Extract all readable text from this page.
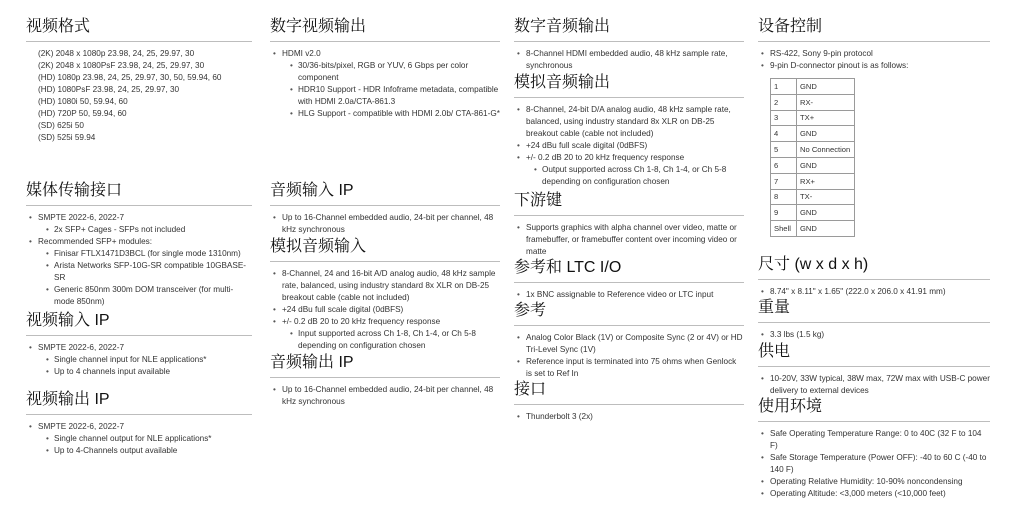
视频格式
(2K) 2048 x 1080p 23.98, 24, 25, 29.97, 30
(2K) 2048 x 1080PsF 23.98, 24, 25, 29.97, 30
(HD) 1080p 23.98, 24, 25, 29.97, 30, 50, 59.94, 60
(HD) 1080PsF 23.98, 24, 25, 29.97, 30
(HD) 1080i 50, 59.94, 60
(HD) 720P 50, 59.94, 60
(SD) 625i 50
(SD) 525i 59.94
媒体传输接口
• SMPTE 2022-6, 2022-7
• 2x SFP+ Cages - SFPs not included
• Recommended SFP+ modules:
• Finisar FTLX1471D3BCL (for single mode 1310nm)
• Arista Networks SFP-10G-SR compatible 10GBASE-SR
• Generic 850nm 300m DOM transceiver (for multi-mode 850nm)
视频输入 IP
• SMPTE 2022-6, 2022-7
• Single channel input for NLE applications*
• Up to 4 channels input available
视频输出 IP
• SMPTE 2022-6, 2022-7
• Single channel output for NLE applications*
• Up to 4-Channels output available
数字视频输出
• HDMI v2.0
• 30/36-bits/pixel, RGB or YUV, 6 Gbps per color component
• HDR10 Support - HDR Infoframe metadata, compatible with HDMI 2.0a/CTA-861.3
• HLG Support - compatible with HDMI 2.0b/ CTA-861-G*
音频输入 IP
• Up to 16-Channel embedded audio, 24-bit per channel, 48 kHz synchronous
模拟音频输入
• 8-Channel, 24 and 16-bit A/D analog audio, 48 kHz sample rate, balanced, using industry standard 8x XLR on DB-25 breakout cable (cable not included)
• +24 dBu full scale digital (0dBFS)
• +/- 0.2 dB 20 to 20 kHz frequency response
• Input supported across Ch 1-8, Ch 1-4, or Ch 5-8 depending on configuration chosen
音频输出 IP
• Up to 16-Channel embedded audio, 24-bit per channel, 48 kHz synchronous
数字音频输出
• 8-Channel HDMI embedded audio, 48 kHz sample rate, synchronous
模拟音频输出
• 8-Channel, 24-bit D/A analog audio, 48 kHz sample rate, balanced, using industry standard 8x XLR on DB-25 breakout cable (cable not included)
• +24 dBu full scale digital (0dBFS)
• +/- 0.2 dB 20 to 20 kHz frequency response
• Output supported across Ch 1-8, Ch 1-4, or Ch 5-8 depending on configuration chosen
下游键
• Supports graphics with alpha channel over video, matte or framebuffer, or framebuffer content over incoming video or matte
参考和 LTC I/O
• 1x BNC assignable to Reference video or LTC input
参考
• Analog Color Black (1V) or Composite Sync (2 or 4V) or HD Tri-Level Sync (1V)
• Reference input is terminated into 75 ohms when Genlock is set to Ref In
接口
• Thunderbolt 3 (2x)
设备控制
• RS-422, Sony 9-pin protocol
• 9-pin D-connector pinout is as follows:
1	GND
2	RX-
3	TX+
4	GND
5	No Connection
6	GND
7	RX+
8	TX-
9	GND
Shell	GND
尺寸 (w x d x h)
• 8.74" x 8.11" x 1.65" (222.0 x 206.0 x 41.91 mm)
重量
• 3.3 lbs (1.5 kg)
供电
• 10-20V, 33W typical, 38W max, 72W max with USB-C power delivery to external devices
使用环境
• Safe Operating Temperature Range: 0 to 40C (32 F to 104 F)
• Safe Storage Temperature (Power OFF): -40 to 60 C (-40 to 140 F)
• Operating Relative Humidity: 10-90% noncondensing
• Operating Altitude: <3,000 meters (<10,000 feet)
